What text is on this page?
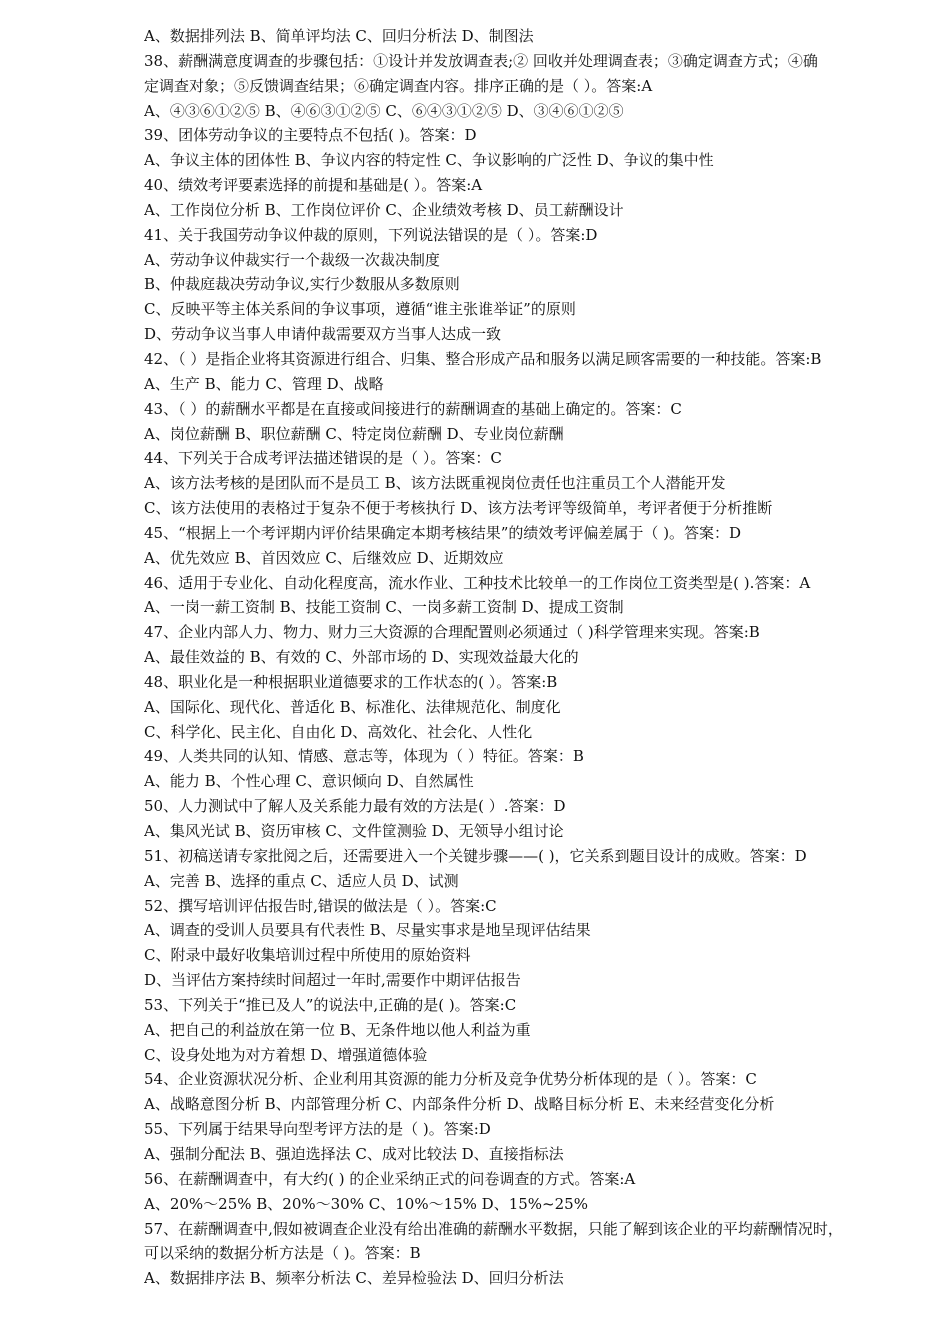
A、数据排列法 B、简单评均法 C、回归分析法 D、制图法
38、薪酬满意度调查的步骤包括：①设计并发放调查表;② 回收并处理调查表；③确定调查方式；④确
定调查对象；⑤反馈调查结果；⑥确定调查内容。排序正确的是（ ）。答案:A
A、④③⑥①②⑤ B、④⑥③①②⑤ C、⑥④③①②⑤ D、③④⑥①②⑤
39、团体劳动争议的主要特点不包括( )。答案：D
A、争议主体的团体性 B、争议内容的特定性 C、争议影响的广泛性 D、争议的集中性
40、绩效考评要素选择的前提和基础是( ）。答案:A
A、工作岗位分析 B、工作岗位评价 C、企业绩效考核 D、员工薪酬设计
41、关于我国劳动争议仲裁的原则，下列说法错误的是（ ）。答案:D
A、劳动争议仲裁实行一个裁级一次裁决制度
B、仲裁庭裁决劳动争议,实行少数服从多数原则
C、反映平等主体关系间的争议事项，遵循“谁主张谁举证”的原则
D、劳动争议当事人申请仲裁需要双方当事人达成一致
42、（ ）是指企业将其资源进行组合、归集、整合形成产品和服务以满足顾客需要的一种技能。答案:B
A、生产 B、能力 C、管理 D、战略
43、（ ）的薪酬水平都是在直接或间接进行的薪酬调查的基础上确定的。答案：C
A、岗位薪酬 B、职位薪酬 C、特定岗位薪酬 D、专业岗位薪酬
44、下列关于合成考评法描述错误的是（ ）。答案：C
A、该方法考核的是团队而不是员工 B、该方法既重视岗位责任也注重员工个人潜能开发
C、该方法使用的表格过于复杂不便于考核执行 D、该方法考评等级简单，考评者便于分析推断
45、“根据上一个考评期内评价结果确定本期考核结果”的绩效考评偏差属于（ )。答案：D
A、优先效应 B、首因效应 C、后继效应 D、近期效应
46、适用于专业化、自动化程度高，流水作业、工种技术比较单一的工作岗位工资类型是( ).答案：A
A、一岗一薪工资制 B、技能工资制 C、一岗多薪工资制 D、提成工资制
47、企业内部人力、物力、财力三大资源的合理配置则必须通过（ )科学管理来实现。答案:B
A、最佳效益的 B、有效的 C、外部市场的 D、实现效益最大化的
48、职业化是一种根据职业道德要求的工作状态的( ）。答案:B
A、国际化、现代化、普适化 B、标准化、法律规范化、制度化
C、科学化、民主化、自由化 D、高效化、社会化、人性化
49、人类共同的认知、情感、意志等，体现为（ ）特征。答案：B
A、能力 B、个性心理 C、意识倾向 D、自然属性
50、人力测试中了解人及关系能力最有效的方法是( ）.答案：D
A、集风光试 B、资历审核 C、文件筐测验 D、无领导小组讨论
51、初稿送请专家批阅之后，还需要进入一个关键步骤——( )，它关系到题目设计的成败。答案：D
A、完善 B、选择的重点 C、适应人员 D、试测
52、撰写培训评估报告时,错误的做法是（ ）。答案:C
A、调查的受训人员要具有代表性 B、尽量实事求是地呈现评估结果
C、附录中最好收集培训过程中所使用的原始资料
D、当评估方案持续时间超过一年时,需要作中期评估报告
53、下列关于“推已及人”的说法中,正确的是( )。答案:C
A、把自己的利益放在第一位 B、无条件地以他人利益为重
C、设身处地为对方着想 D、增强道德体验
54、企业资源状况分析、企业利用其资源的能力分析及竞争优势分析体现的是（ ）。答案：C
A、战略意图分析 B、内部管理分析 C、内部条件分析 D、战略目标分析 E、未来经营变化分析
55、下列属于结果导向型考评方法的是（ )。答案:D
A、强制分配法 B、强迫选择法 C、成对比较法 D、直接指标法
56、在薪酬调查中，有大约( ) 的企业采纳正式的问卷调查的方式。答案:A
A、20%～25% B、20%～30% C、10%～15% D、15%~25%
57、在薪酬调查中,假如被调查企业没有给出准确的薪酬水平数据，只能了解到该企业的平均薪酬情况时，
可以采纳的数据分析方法是（ )。答案：B
A、数据排序法 B、频率分析法 C、差异检验法 D、回归分析法
